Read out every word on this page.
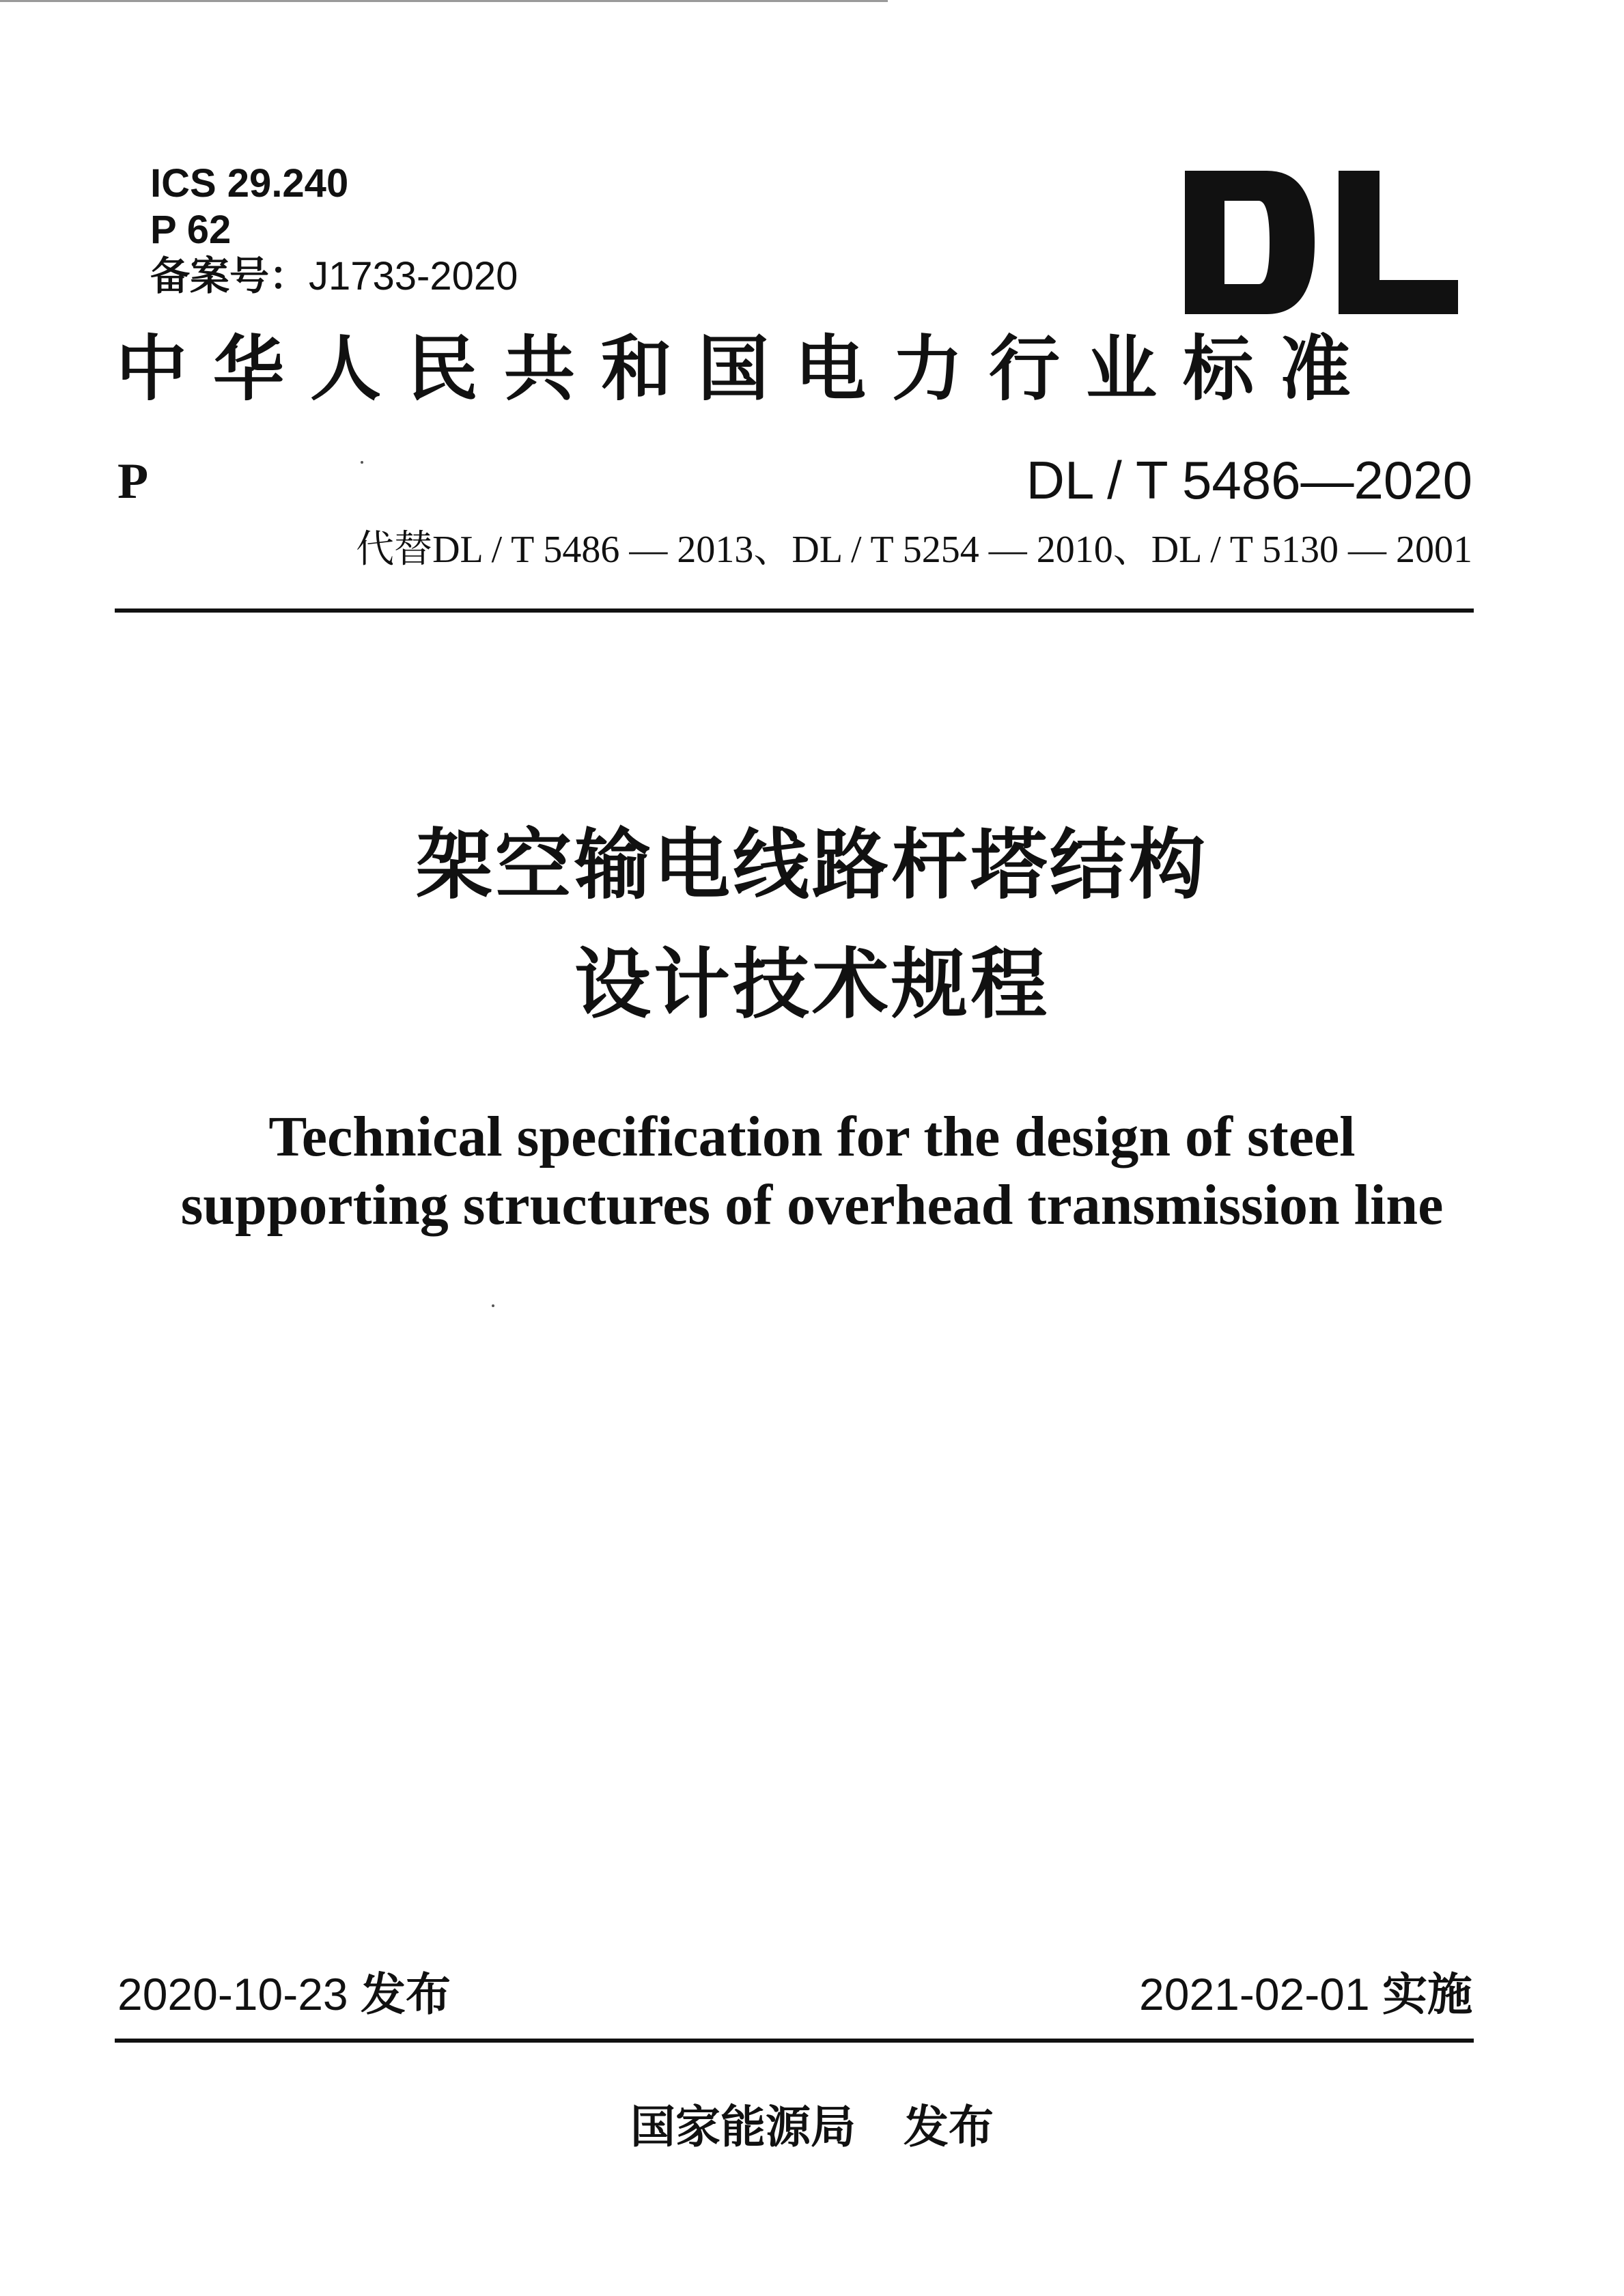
ICS 29.240
P 62
备案号：J1733-2020
中华人民共和国电力行业标准
P	DL / T 5486—2020
代替DL / T 5486 — 2013、DL / T 5254 — 2010、DL / T 5130 — 2001
架空输电线路杆塔结构
设计技术规程
Technical specification for the design of steel
supporting structures of overhead transmission line
2020-10-23 发布	2021-02-01 实施
国家能源局 发布
